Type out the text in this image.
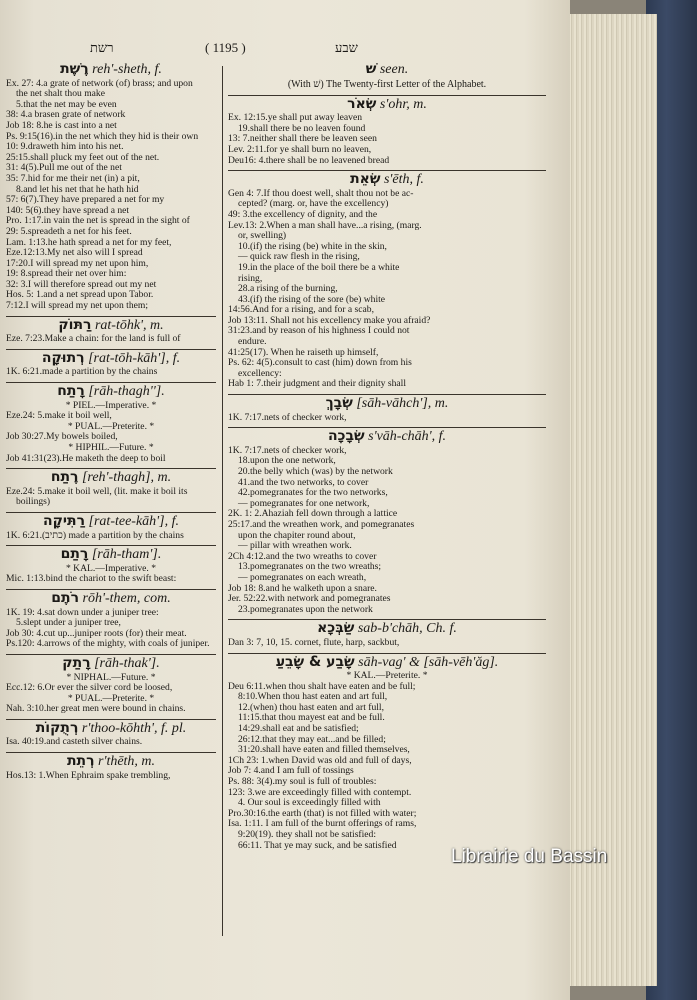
רשת	( 1195 )	שבע
רֶשֶׁת reh'-sheth, f.
Ex. 27: 4.a grate of network (of) brass; and upon
the net shalt thou make
5.that the net may be even
38: 4.a brasen grate of network
Job 18: 8.he is cast into a net
Ps. 9:15(16).in the net which they hid is their own
10: 9.draweth him into his net.
25:15.shall pluck my feet out of the net.
31: 4(5).Pull me out of the net
35: 7.hid for me their net (in) a pit,
8.and let his net that he hath hid
57: 6(7).They have prepared a net for my
140: 5(6).they have spread a net
Pro. 1:17.in vain the net is spread in the sight of
29: 5.spreadeth a net for his feet.
Lam. 1:13.he hath spread a net for my feet,
Eze.12:13.My net also will I spread
17:20.I will spread my net upon him,
19: 8.spread their net over him:
32: 3.I will therefore spread out my net
Hos. 5: 1.and a net spread upon Tabor.
7:12.I will spread my net upon them;
רַתּוֹק rat-tōhk', m.
Eze. 7:23.Make a chain: for the land is full of
רְתוּקָה [rat-tōh-kāh'], f.
1K. 6:21.made a partition by the chains
רָתַח [rāh-thagh''].
* PIEL.—Imperative. *
Eze.24: 5.make it boil well,
* PUAL.—Preterite. *
Job 30:27.My bowels boiled,
* HIPHIL.—Future. *
Job 41:31(23).He maketh the deep to boil
רֶתַח [reh'-thagh], m.
Eze.24: 5.make it boil well, (lit. make it boil its
boilings)
רַתִּיקָה [rat-tee-kāh'], f.
1K. 6:21.(כתיב) made a partition by the chains
רָתַם [rāh-tham'].
* KAL.—Imperative. *
Mic. 1:13.bind the chariot to the swift beast:
רֹתֶם rōh'-them, com.
1K. 19: 4.sat down under a juniper tree:
5.slept under a juniper tree,
Job 30: 4.cut up...juniper roots (for) their meat.
Ps.120: 4.arrows of the mighty, with coals of juniper.
רָתַק [rāh-thak'].
* NIPHAL.—Future. *
Ecc.12: 6.Or ever the silver cord be loosed,
* PUAL.—Preterite. *
Nah. 3:10.her great men were bound in chains.
רְתֻקוֹת r'thoo-kōhth', f. pl.
Isa. 40:19.and casteth silver chains.
רְתֵת r'thēth, m.
Hos.13: 1.When Ephraim spake trembling,
שׁ seen.
(With שׁ) The Twenty-first Letter of the Alphabet.
שְׂאֹר s'ohr, m.
Ex. 12:15.ye shall put away leaven
19.shall there be no leaven found
13: 7.neither shall there be leaven seen
Lev. 2:11.for ye shall burn no leaven,
Deu16: 4.there shall be no leavened bread
שְׂאֵת s'ēth, f.
Gen 4: 7.If thou doest well, shalt thou not be ac-
cepted? (marg. or, have the excellency)
49: 3.the excellency of dignity, and the
Lev.13: 2.When a man shall have...a rising, (marg.
or, swelling)
10.(if) the rising (be) white in the skin,
— quick raw flesh in the rising,
19.in the place of the boil there be a white
rising,
28.a rising of the burning,
43.(if) the rising of the sore (be) white
14:56.And for a rising, and for a scab,
Job 13:11. Shall not his excellency make you afraid?
31:23.and by reason of his highness I could not
endure.
41:25(17). When he raiseth up himself,
Ps. 62: 4(5).consult to cast (him) down from his
excellency:
Hab 1: 7.their judgment and their dignity shall
שְׂבָךְ [sāh-vāhch'], m.
1K. 7:17.nets of checker work,
שְׂבָכָה s'vāh-chāh', f.
1K. 7:17.nets of checker work,
18.upon the one network,
20.the belly which (was) by the network
41.and the two networks, to cover
42.pomegranates for the two networks,
— pomegranates for one network,
2K. 1: 2.Ahaziah fell down through a lattice
25:17.and the wreathen work, and pomegranates
upon the chapiter round about,
— pillar with wreathen work.
2Ch 4:12.and the two wreaths to cover
13.pomegranates on the two wreaths;
— pomegranates on each wreath,
Job 18: 8.and he walketh upon a snare.
Jer. 52:22.with network and pomegranates
23.pomegranates upon the network
שַׂבְּכָא sab-b'chāh, Ch. f.
Dan 3: 7, 10, 15. cornet, flute, harp, sackbut,
שָׂבַע & שָׂבֵעַ sāh-vag' & [sāh-vēh'ăg].
* KAL.—Preterite. *
Deu 6:11.when thou shalt have eaten and be full;
8:10.When thou hast eaten and art full,
12.(when) thou hast eaten and art full,
11:15.that thou mayest eat and be full.
14:29.shall eat and be satisfied;
26:12.that they may eat...and be filled;
31:20.shall have eaten and filled themselves,
1Ch 23: 1.when David was old and full of days,
Job 7: 4.and I am full of tossings
Ps. 88: 3(4).my soul is full of troubles:
123: 3.we are exceedingly filled with contempt.
4. Our soul is exceedingly filled with
Pro.30:16.the earth (that) is not filled with water;
Isa. 1:11. I am full of the burnt offerings of rams,
9:20(19). they shall not be satisfied:
66:11. That ye may suck, and be satisfied
Librairie du Bassin
